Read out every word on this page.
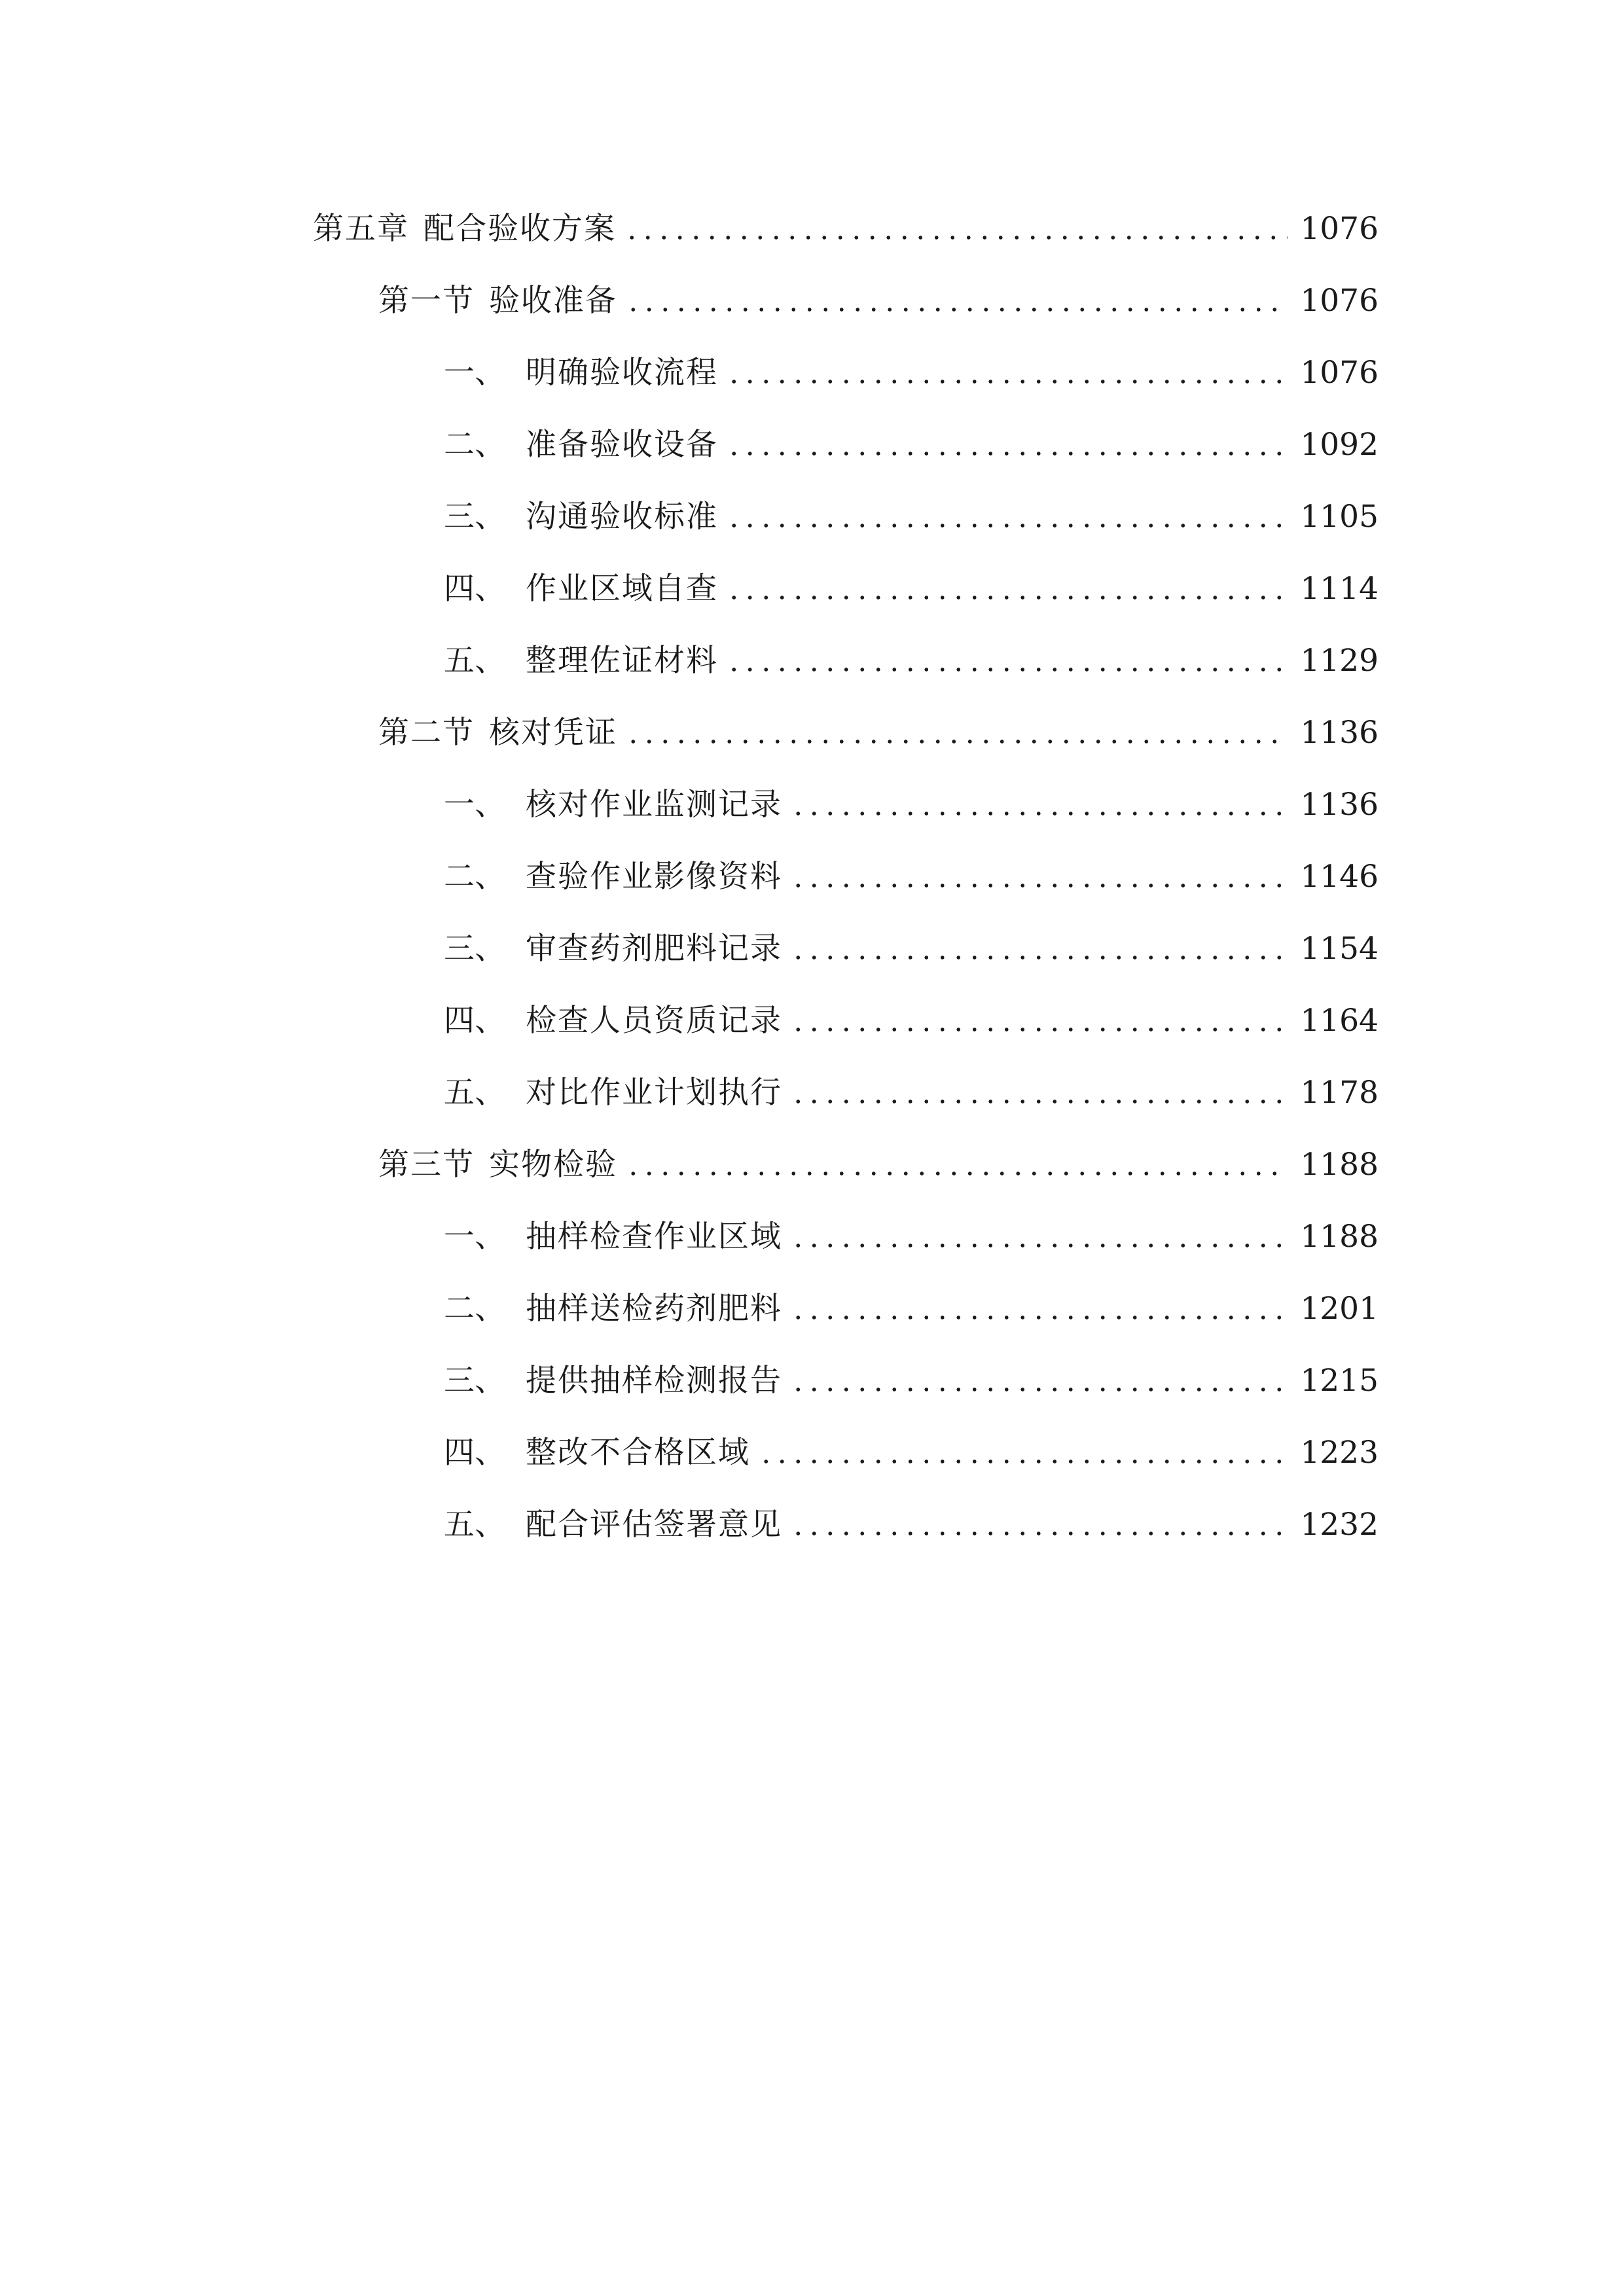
第五章 配合验收方案	1076
第一节 验收准备	1076
一、 明确验收流程	1076
二、 准备验收设备	1092
三、 沟通验收标准	1105
四、 作业区域自查	1114
五、 整理佐证材料	1129
第二节 核对凭证	1136
一、 核对作业监测记录	1136
二、 查验作业影像资料	1146
三、 审查药剂肥料记录	1154
四、 检查人员资质记录	1164
五、 对比作业计划执行	1178
第三节 实物检验	1188
一、 抽样检查作业区域	1188
二、 抽样送检药剂肥料	1201
三、 提供抽样检测报告	1215
四、 整改不合格区域	1223
五、 配合评估签署意见	1232
